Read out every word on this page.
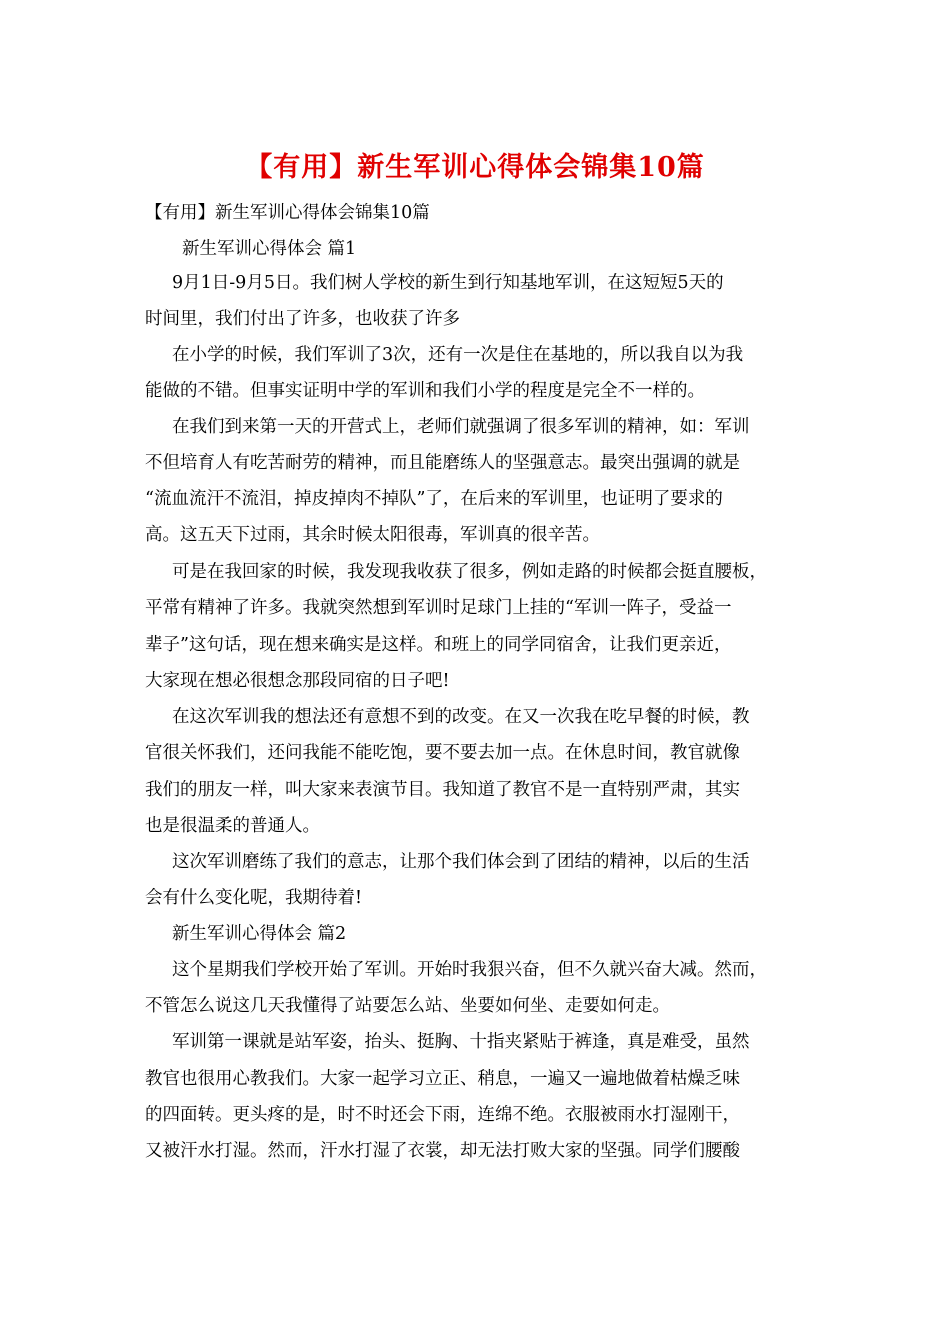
【有用】新生军训心得体会锦集10篇
【有用】新生军训心得体会锦集10篇
新生军训心得体会 篇1
9月1日-9月5日。我们树人学校的新生到行知基地军训，在这短短5天的
时间里，我们付出了许多，也收获了许多
在小学的时候，我们军训了3次，还有一次是住在基地的，所以我自以为我
能做的不错。但事实证明中学的军训和我们小学的程度是完全不一样的。
在我们到来第一天的开营式上，老师们就强调了很多军训的精神，如：军训
不但培育人有吃苦耐劳的精神，而且能磨练人的坚强意志。最突出强调的就是
“流血流汗不流泪，掉皮掉肉不掉队”了，在后来的军训里，也证明了要求的
高。这五天下过雨，其余时候太阳很毒，军训真的很辛苦。
可是在我回家的时候，我发现我收获了很多，例如走路的时候都会挺直腰板，
平常有精神了许多。我就突然想到军训时足球门上挂的“军训一阵子，受益一
辈子”这句话，现在想来确实是这样。和班上的同学同宿舍，让我们更亲近，
大家现在想必很想念那段同宿的日子吧!
在这次军训我的想法还有意想不到的改变。在又一次我在吃早餐的时候，教
官很关怀我们，还问我能不能吃饱，要不要去加一点。在休息时间，教官就像
我们的朋友一样，叫大家来表演节目。我知道了教官不是一直特别严肃，其实
也是很温柔的普通人。
这次军训磨练了我们的意志，让那个我们体会到了团结的精神，以后的生活
会有什么变化呢，我期待着!
新生军训心得体会 篇2
这个星期我们学校开始了军训。开始时我狠兴奋，但不久就兴奋大减。然而，
不管怎么说这几天我懂得了站要怎么站、坐要如何坐、走要如何走。
军训第一课就是站军姿，抬头、挺胸、十指夹紧贴于裤逢，真是难受，虽然
教官也很用心教我们。大家一起学习立正、稍息，一遍又一遍地做着枯燥乏味
的四面转。更头疼的是，时不时还会下雨，连绵不绝。衣服被雨水打湿刚干，
又被汗水打湿。然而，汗水打湿了衣裳，却无法打败大家的坚强。同学们腰酸
